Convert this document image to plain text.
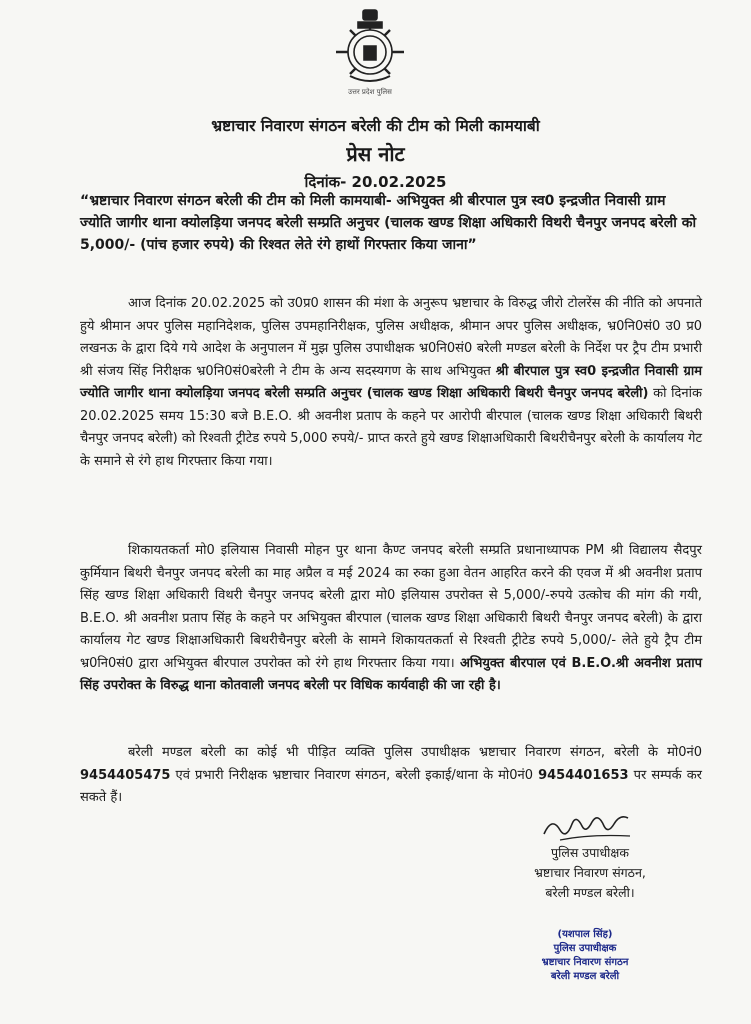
उत्तर प्रदेश पुलिस
भ्रष्टाचार निवारण संगठन बरेली की टीम को मिली कामयाबी
प्रेस नोट
दिनांक- 20.02.2025
“भ्रष्टाचार निवारण संगठन बरेली की टीम को मिली कामयाबी- अभियुक्त श्री बीरपाल पुत्र स्व0 इन्द्रजीत निवासी ग्राम ज्योति जागीर थाना क्योलड़िया जनपद बरेली सम्प्रति अनुचर (चालक खण्ड शिक्षा अधिकारी विथरी चैनपुर जनपद बरेली को 5,000/- (पांच हजार रुपये) की रिश्वत लेते रंगे हाथों गिरफ्तार किया जाना”
आज दिनांक 20.02.2025 को उ0प्र0 शासन की मंशा के अनुरूप भ्रष्टाचार के विरुद्ध जीरो टोलरेंस की नीति को अपनाते हुये श्रीमान अपर पुलिस महानिदेशक, पुलिस उपमहानिरीक्षक, पुलिस अधीक्षक, श्रीमान अपर पुलिस अधीक्षक, भ्र0नि0सं0 उ0 प्र0 लखनऊ के द्वारा दिये गये आदेश के अनुपालन में मुझ पुलिस उपाधीक्षक भ्र0नि0सं0 बरेली मण्डल बरेली के निर्देश पर ट्रैप टीम प्रभारी श्री संजय सिंह निरीक्षक भ्र0नि0सं0बरेली ने टीम के अन्य सदस्यगण के साथ अभियुक्त श्री बीरपाल पुत्र स्व0 इन्द्रजीत निवासी ग्राम ज्योति जागीर थाना क्योलड़िया जनपद बरेली सम्प्रति अनुचर (चालक खण्ड शिक्षा अधिकारी बिथरी चैनपुर जनपद बरेली) को दिनांक 20.02.2025 समय 15:30 बजे B.E.O. श्री अवनीश प्रताप के कहने पर आरोपी बीरपाल (चालक खण्ड शिक्षा अधिकारी बिथरी चैनपुर जनपद बरेली) को रिश्वती ट्रीटेड रुपये 5,000 रुपये/- प्राप्त करते हुये खण्ड शिक्षाअधिकारी बिथरीचैनपुर बरेली के कार्यालय गेट के समाने से रंगे हाथ गिरफ्तार किया गया।
शिकायतकर्ता मो0 इलियास निवासी मोहन पुर थाना कैण्ट जनपद बरेली सम्प्रति प्रधानाध्यापक PM श्री विद्यालय सैदपुर कुर्मियान बिथरी चैनपुर जनपद बरेली का माह अप्रैल व मई 2024 का रुका हुआ वेतन आहरित करने की एवज में श्री अवनीश प्रताप सिंह खण्ड शिक्षा अधिकारी विथरी चैनपुर जनपद बरेली द्वारा मो0 इलियास उपरोक्त से 5,000/-रुपये उत्कोच की मांग की गयी, B.E.O. श्री अवनीश प्रताप सिंह के कहने पर अभियुक्त बीरपाल (चालक खण्ड शिक्षा अधिकारी बिथरी चैनपुर जनपद बरेली) के द्वारा कार्यालय गेट खण्ड शिक्षाअधिकारी बिथरीचैनपुर बरेली के सामने शिकायतकर्ता से रिश्वती ट्रीटेड रुपये 5,000/- लेते हुये ट्रैप टीम भ्र0नि0सं0 द्वारा अभियुक्त बीरपाल उपरोक्त को रंगे हाथ गिरफ्तार किया गया। अभियुक्त बीरपाल एवं B.E.O.श्री अवनीश प्रताप सिंह उपरोक्त के विरुद्ध थाना कोतवाली जनपद बरेली पर विधिक कार्यवाही की जा रही है।
बरेली मण्डल बरेली का कोई भी पीड़ित व्यक्ति पुलिस उपाधीक्षक भ्रष्टाचार निवारण संगठन, बरेली के मो0नं0 9454405475 एवं प्रभारी निरीक्षक भ्रष्टाचार निवारण संगठन, बरेली इकाई/थाना के मो0नं0 9454401653 पर सम्पर्क कर सकते हैं।
पुलिस उपाधीक्षक
भ्रष्टाचार निवारण संगठन,
बरेली मण्डल बरेली।
(यशपाल सिंह)
पुलिस उपाधीक्षक
भ्रष्टाचार निवारण संगठन
बरेली मण्डल बरेली
